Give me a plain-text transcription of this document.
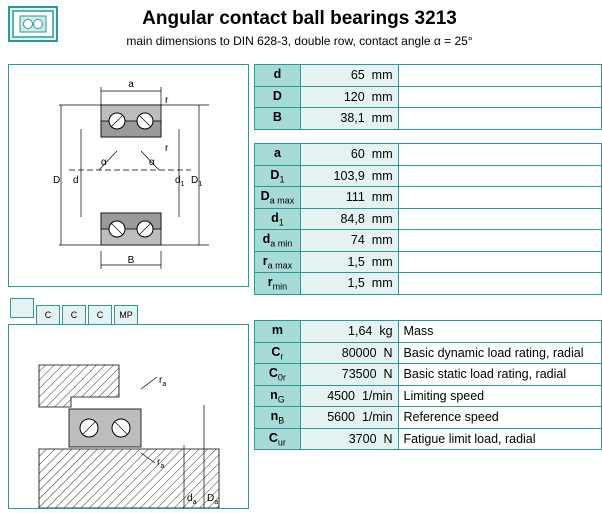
Angular contact ball bearings 3213
main dimensions to DIN 628-3, double row, contact angle α = 25°
a
r
r
D d
α	α
$d_1$ $D_1$
B
C C C MP
$r_a$
$r_a$
$d_a$ $D_a$
d	65 mm	
D	120 mm	
B	38,1 mm	
a	60 mm	
$D_1$	103,9 mm	
$D_{a max}$	111 mm	
$d_1$	84,8 mm	
$d_{a min}$	74 mm	
$r_{a max}$	1,5 mm	
$r_{min}$	1,5 mm	
m	1,64 kg	Mass
$C_r$	80000 N	Basic dynamic load rating, radial
$C_{0r}$	73500 N	Basic static load rating, radial
$n_G$	4500 1/min	Limiting speed
$n_B$	5600 1/min	Reference speed
$C_{ur}$	3700 N	Fatigue limit load, radial
